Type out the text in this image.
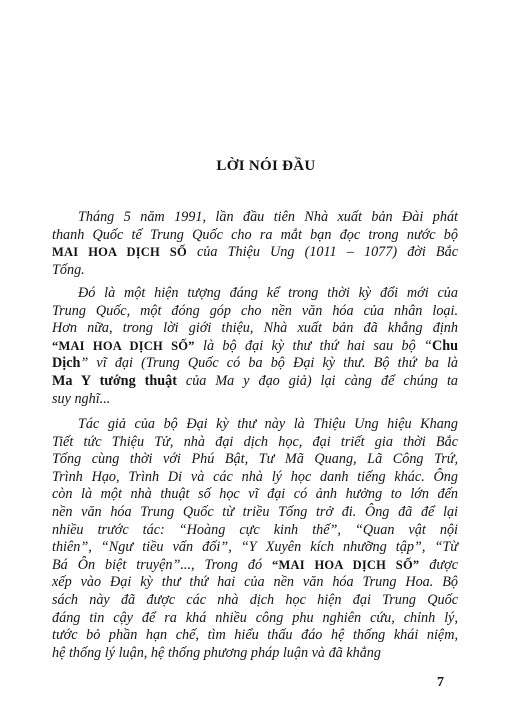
LỜI NÓI ĐẦU
Tháng 5 năm 1991, lần đầu tiên Nhà xuất bản Đài phát
thanh Quốc tế Trung Quốc cho ra mắt bạn đọc trong nước bộ
MAI HOA DỊCH SỐ của Thiệu Ung (1011 – 1077) đời Bắc
Tống.
Đó là một hiện tượng đáng kể trong thời kỳ đổi mới của
Trung Quốc, một đóng góp cho nền văn hóa của nhân loại.
Hơn nữa, trong lời giới thiệu, Nhà xuất bản đã khẳng định
“MAI HOA DỊCH SỐ” là bộ đại kỳ thư thứ hai sau bộ “Chu
Dịch” vĩ đại (Trung Quốc có ba bộ Đại kỳ thư. Bộ thứ ba là
Ma Y tướng thuật của Ma y đạo giả) lại càng để chúng ta
suy nghĩ...
Tác giả của bộ Đại kỳ thư này là Thiệu Ung hiệu Khang
Tiết tức Thiệu Tử, nhà đại dịch học, đại triết gia thời Bắc
Tống cùng thời với Phú Bật, Tư Mã Quang, Lã Công Trứ,
Trình Hạo, Trình Di và các nhà lý học danh tiếng khác. Ông
còn là một nhà thuật số học vĩ đại có ảnh hưởng to lớn đến
nền văn hóa Trung Quốc từ triều Tống trở đi. Ông đã để lại
nhiều trước tác: “Hoàng cực kinh thế”, “Quan vật nội
thiên”, “Ngư tiều vấn đối”, “Y Xuyên kích nhưỡng tập”, “Từ
Bá Ôn biệt truyện”..., Trong đó “MAI HOA DỊCH SỐ” được
xếp vào Đại kỳ thư thứ hai của nền văn hóa Trung Hoa. Bộ
sách này đã được các nhà dịch học hiện đại Trung Quốc
đáng tin cậy để ra khá nhiều công phu nghiên cứu, chỉnh lý,
tước bỏ phần hạn chế, tìm hiểu thấu đáo hệ thống khái niệm,
hệ thống lý luận, hệ thống phương pháp luận và đã khẳng
7
